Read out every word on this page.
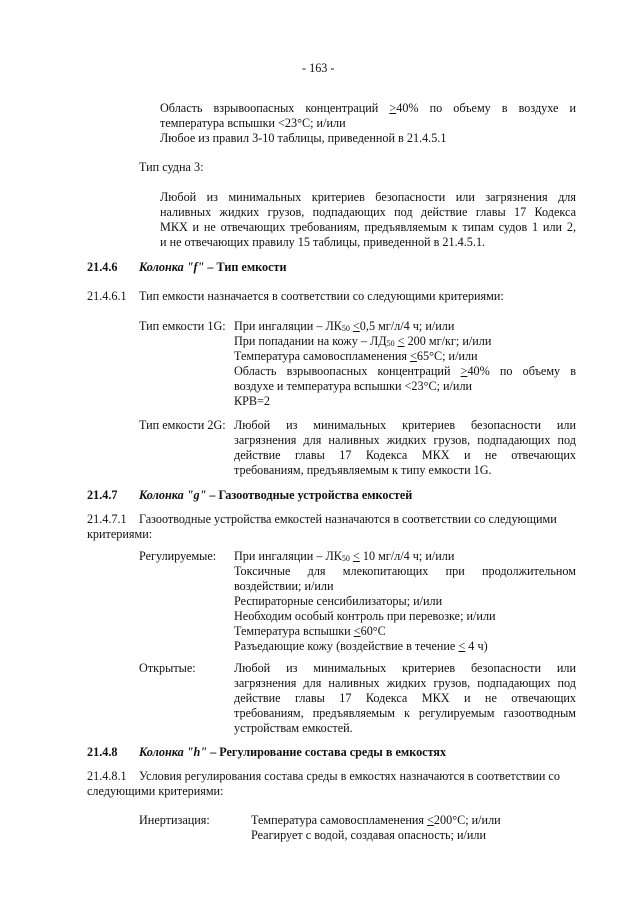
- 163 -
Область взрывоопасных концентраций >40% по объему в воздухе и
температура вспышки <23°C; и/или
Любое из правил 3-10 таблицы, приведенной в 21.4.5.1
Тип судна 3:
Любой из минимальных критериев безопасности или загрязнения для
наливных жидких грузов, подпадающих под действие главы 17 Кодекса
МКХ и не отвечающих требованиям, предъявляемым к типам судов 1 или 2,
и не отвечающих правилу 15 таблицы, приведенной в 21.4.5.1.
21.4.6 Колонка "f" – Тип емкости
21.4.6.1 Тип емкости назначается в соответствии со следующими критериями:
Тип емкости 1G: При ингаляции – $ЛК_{50} <0,5$ мг/л/4 ч; и/или
При попадании на кожу – $ЛД_{50} < 200$ мг/кг; и/или
Температура самовоспламенения <65°C; и/или
Область взрывоопасных концентраций >40% по объему в
воздухе и температура вспышки <23°C; и/или
КРВ=2
Тип емкости 2G: Любой из минимальных критериев безопасности или
загрязнения для наливных жидких грузов, подпадающих под
действие главы 17 Кодекса МКХ и не отвечающих
требованиям, предъявляемым к типу емкости 1G.
21.4.7 Колонка "g" – Газоотводные устройства емкостей
21.4.7.1 Газоотводные устройства емкостей назначаются в соответствии со следующими
критериями:
Регулируемые: При ингаляции – $ЛК_{50} < 10$ мг/л/4 ч; и/или
Токсичные для млекопитающих при продолжительном
воздействии; и/или
Респираторные сенсибилизаторы; и/или
Необходим особый контроль при перевозке; и/или
Температура вспышки <60°C
Разъедающие кожу (воздействие в течение < 4 ч)
Открытые:	Любой из минимальных критериев безопасности или
загрязнения для наливных жидких грузов, подпадающих под
действие главы 17 Кодекса МКХ и не отвечающих
требованиям, предъявляемым к регулируемым газоотводным
устройствам емкостей.
21.4.8 Колонка "h" – Регулирование состава среды в емкостях
21.4.8.1 Условия регулирования состава среды в емкостях назначаются в соответствии со
следующими критериями:
Инертизация:	Температура самовоспламенения <200°C; и/или
Реагирует с водой, создавая опасность; и/или
